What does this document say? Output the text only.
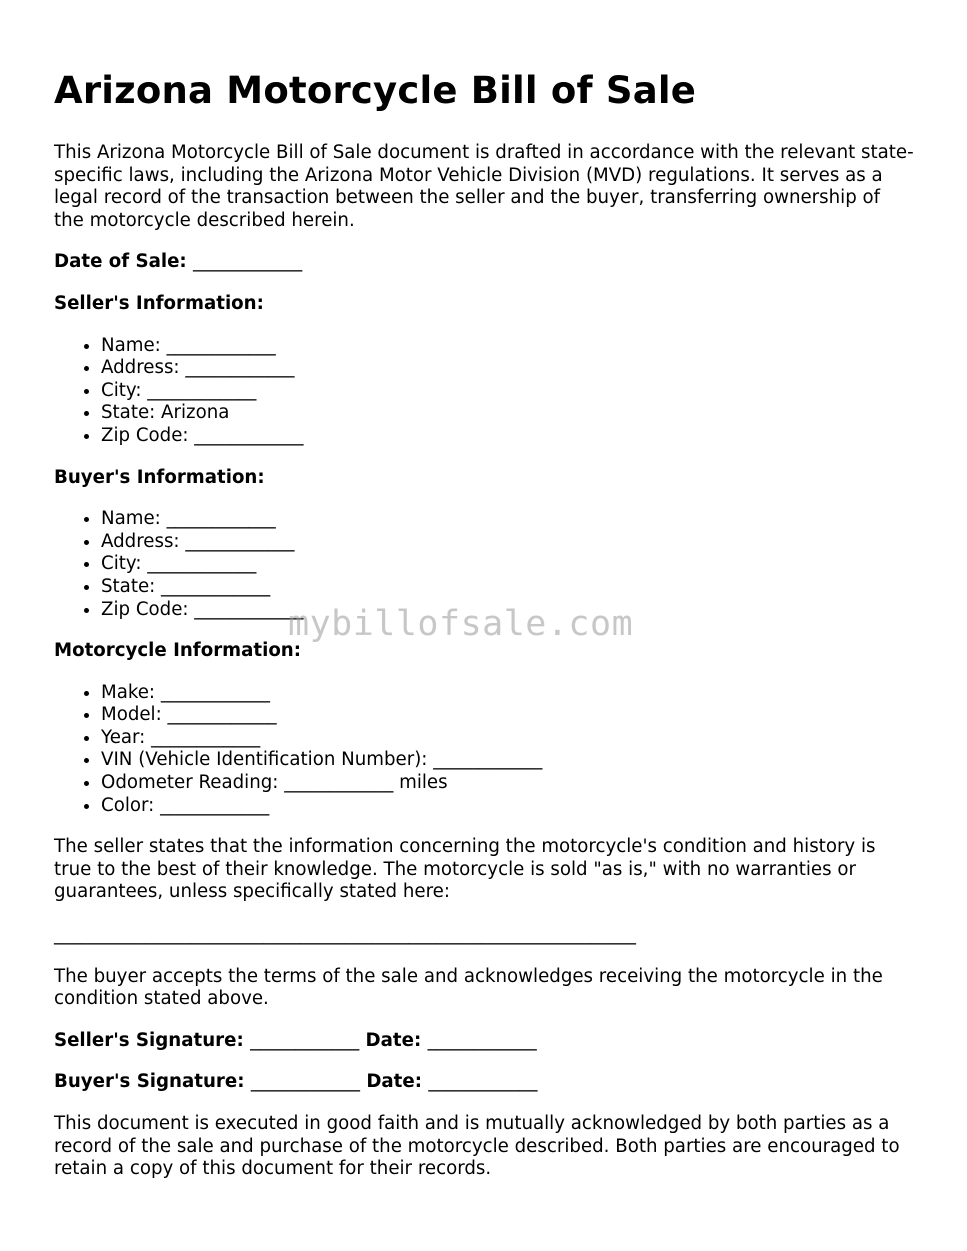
Arizona Motorcycle Bill of Sale

This Arizona Motorcycle Bill of Sale document is drafted in accordance with the relevant state-specific laws, including the Arizona Motor Vehicle Division (MVD) regulations. It serves as a legal record of the transaction between the seller and the buyer, transferring ownership of the motorcycle described herein.

Date of Sale: ____________
Seller's Information:
• Name: ____________
• Address: ____________
• City: ____________
• State: Arizona
• Zip Code: ____________
Buyer's Information:
• Name: ____________
• Address: ____________
• City: ____________
• State: ____________
• Zip Code: ____________
Motorcycle Information:
• Make: ____________
• Model: ____________
• Year: ____________
• VIN (Vehicle Identification Number): ____________
• Odometer Reading: ____________ miles
• Color: ____________

The seller states that the information concerning the motorcycle's condition and history is true to the best of their knowledge. The motorcycle is sold "as is," with no warranties or guarantees, unless specifically stated here:

________________________________________________________________

The buyer accepts the terms of the sale and acknowledges receiving the motorcycle in the condition stated above.

Seller's Signature: ____________ Date: ____________
Buyer's Signature: ____________ Date: ____________

This document is executed in good faith and is mutually acknowledged by both parties as a record of the sale and purchase of the motorcycle described. Both parties are encouraged to retain a copy of this document for their records.

mybillofsale.com
